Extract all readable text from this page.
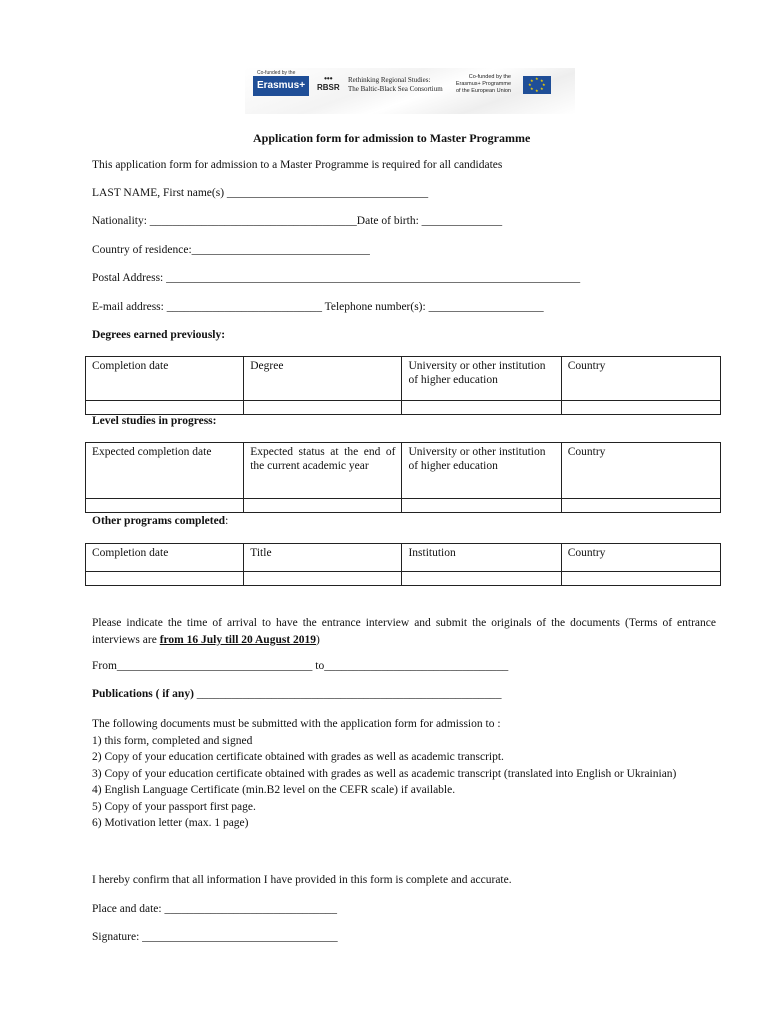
Co-funded by the
Erasmus+
•••
RBSR
Rethinking Regional Studies:
The Baltic-Black Sea Consortium
Co-funded by the
Erasmus+ Programme
of the European Union
★ ★
★
★
★
★
★
★
Application form for admission to Master Programme
This application form for admission to a Master Programme is required for all candidates
LAST NAME, First name(s) ___________________________________
Nationality: ____________________________________Date of birth: ______________
Country of residence:_______________________________
Postal Address: ________________________________________________________________________
E-mail address: ___________________________ Telephone number(s): ____________________
Degrees earned previously:
Completion date	Degree	University or other institution of higher education	Country

Level studies in progress:
Expected completion date	Expected status at the end of the current academic year	University or other institution of higher education	Country

Other programs completed:
Completion date	Title	Institution	Country

Please indicate the time of arrival to have the entrance interview and submit the originals of the documents (Terms of entrance interviews are from 16 July till 20 August 2019)
From__________________________________ to________________________________
Publications ( if any) _____________________________________________________
The following documents must be submitted with the application form for admission to :
1) this form, completed and signed
2) Copy of your education certificate obtained with grades as well as academic transcript.
3) Copy of your education certificate obtained with grades as well as academic transcript (translated into English or Ukrainian)
4) English Language Certificate (min.B2 level on the CEFR scale) if available.
5) Copy of your passport first page.
6) Motivation letter (max. 1 page)
I hereby confirm that all information I have provided in this form is complete and accurate.
Place and date: ______________________________
Signature: __________________________________
